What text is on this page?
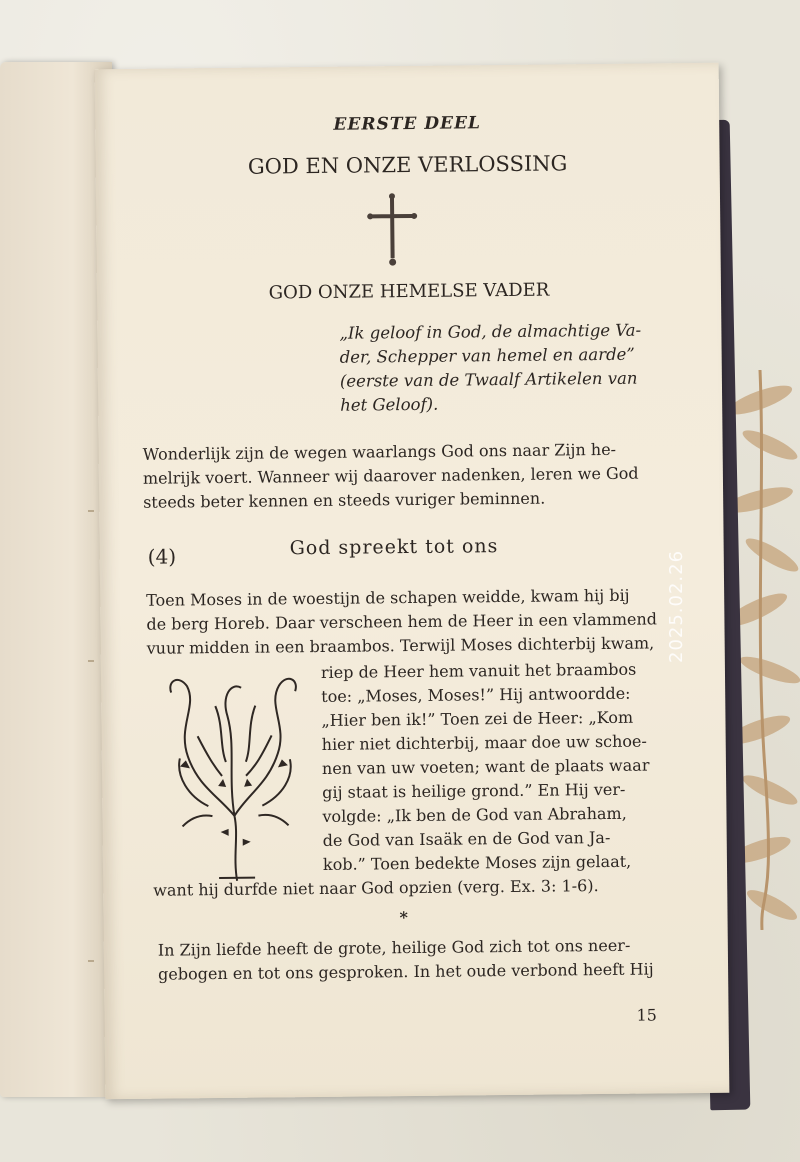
EERSTE DEEL
GOD EN ONZE VERLOSSING
GOD ONZE HEMELSE VADER
„Ik geloof in God, de almachtige Va-
der, Schepper van hemel en aarde”
(eerste van de Twaalf Artikelen van
het Geloof).
Wonderlijk zijn de wegen waarlangs God ons naar Zijn he-
melrijk voert. Wanneer wij daarover nadenken, leren we God
steeds beter kennen en steeds vuriger beminnen.
(4)	God spreekt tot ons
Toen Moses in de woestijn de schapen weidde, kwam hij bij
de berg Horeb. Daar verscheen hem de Heer in een vlammend
vuur midden in een braambos. Terwijl Moses dichterbij kwam,
riep de Heer hem vanuit het braambos
toe: „Moses, Moses!” Hij antwoordde:
„Hier ben ik!” Toen zei de Heer: „Kom
hier niet dichterbij, maar doe uw schoe-
nen van uw voeten; want de plaats waar
gij staat is heilige grond.” En Hij ver-
volgde: „Ik ben de God van Abraham,
de God van Isaäk en de God van Ja-
kob.” Toen bedekte Moses zijn gelaat,
want hij durfde niet naar God opzien (verg. Ex. 3: 1-6).
*
In Zijn liefde heeft de grote, heilige God zich tot ons neer-
gebogen en tot ons gesproken. In het oude verbond heeft Hij
15
2025.02.26
